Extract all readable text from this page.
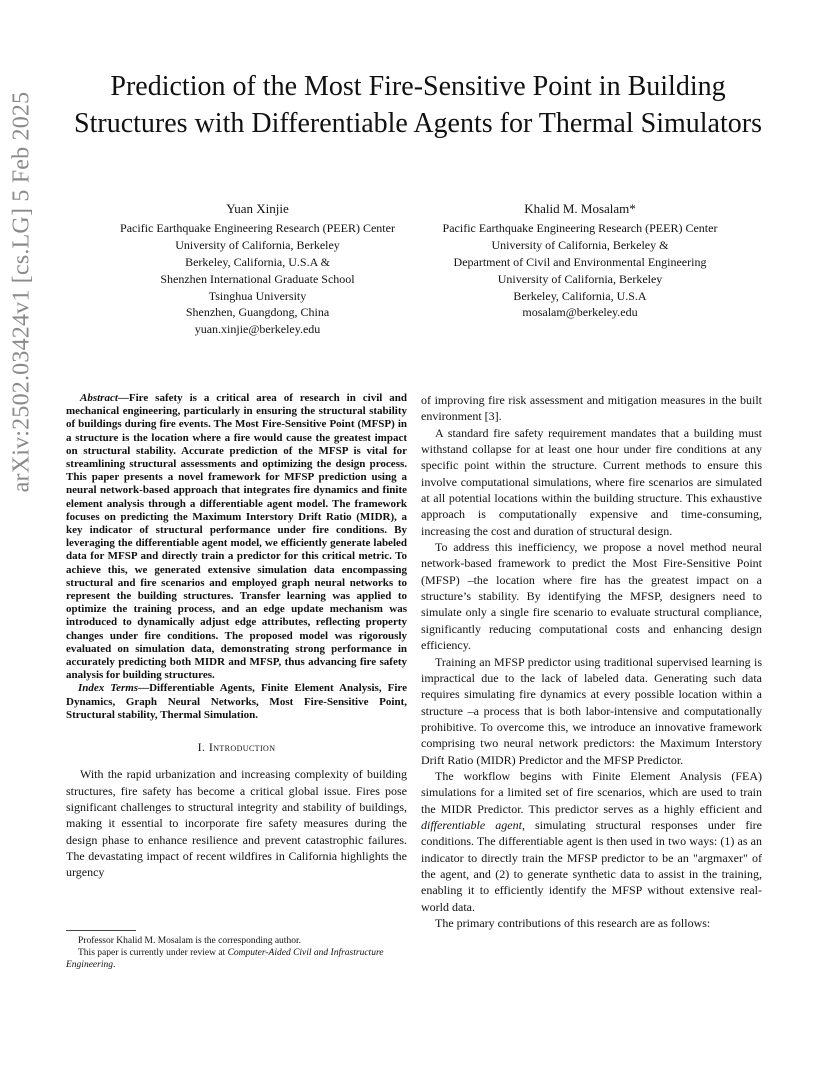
arXiv:2502.03424v1 [cs.LG] 5 Feb 2025
Prediction of the Most Fire-Sensitive Point in Building Structures with Differentiable Agents for Thermal Simulators
Yuan Xinjie
Pacific Earthquake Engineering Research (PEER) Center
University of California, Berkeley
Berkeley, California, U.S.A &
Shenzhen International Graduate School
Tsinghua University
Shenzhen, Guangdong, China
yuan.xinjie@berkeley.edu
Khalid M. Mosalam*
Pacific Earthquake Engineering Research (PEER) Center
University of California, Berkeley &
Department of Civil and Environmental Engineering
University of California, Berkeley
Berkeley, California, U.S.A
mosalam@berkeley.edu

Abstract—Fire safety is a critical area of research in civil and mechanical engineering, particularly in ensuring the structural stability of buildings during fire events. The Most Fire-Sensitive Point (MFSP) in a structure is the location where a fire would cause the greatest impact on structural stability. Accurate prediction of the MFSP is vital for streamlining structural assessments and optimizing the design process. This paper presents a novel framework for MFSP prediction using a neural network-based approach that integrates fire dynamics and finite element analysis through a differentiable agent model. The framework focuses on predicting the Maximum Interstory Drift Ratio (MIDR), a key indicator of structural performance under fire conditions. By leveraging the differentiable agent model, we efficiently generate labeled data for MFSP and directly train a predictor for this critical metric. To achieve this, we generated extensive simulation data encompassing structural and fire scenarios and employed graph neural networks to represent the building structures. Transfer learning was applied to optimize the training process, and an edge update mechanism was introduced to dynamically adjust edge attributes, reflecting property changes under fire conditions. The proposed model was rigorously evaluated on simulation data, demonstrating strong performance in accurately predicting both MIDR and MFSP, thus advancing fire safety analysis for building structures.

Index Terms—Differentiable Agents, Finite Element Analysis, Fire Dynamics, Graph Neural Networks, Most Fire-Sensitive Point, Structural stability, Thermal Simulation.

I. Introduction

With the rapid urbanization and increasing complexity of building structures, fire safety has become a critical global issue. Fires pose significant challenges to structural integrity and stability of buildings, making it essential to incorporate fire safety measures during the design phase to enhance resilience and prevent catastrophic failures. The devastating impact of recent wildfires in California highlights the urgency

of improving fire risk assessment and mitigation measures in the built environment [3].

A standard fire safety requirement mandates that a building must withstand collapse for at least one hour under fire conditions at any specific point within the structure. Current methods to ensure this involve computational simulations, where fire scenarios are simulated at all potential locations within the building structure. This exhaustive approach is computationally expensive and time-consuming, increasing the cost and duration of structural design.

To address this inefficiency, we propose a novel method neural network-based framework to predict the Most Fire-Sensitive Point (MFSP) –the location where fire has the greatest impact on a structure’s stability. By identifying the MFSP, designers need to simulate only a single fire scenario to evaluate structural compliance, significantly reducing computational costs and enhancing design efficiency.

Training an MFSP predictor using traditional supervised learning is impractical due to the lack of labeled data. Generating such data requires simulating fire dynamics at every possible location within a structure –a process that is both labor-intensive and computationally prohibitive. To overcome this, we introduce an innovative framework comprising two neural network predictors: the Maximum Interstory Drift Ratio (MIDR) Predictor and the MFSP Predictor.

The workflow begins with Finite Element Analysis (FEA) simulations for a limited set of fire scenarios, which are used to train the MIDR Predictor. This predictor serves as a highly efficient and differentiable agent, simulating structural responses under fire conditions. The differentiable agent is then used in two ways: (1) as an indicator to directly train the MFSP predictor to be an "argmaxer" of the agent, and (2) to generate synthetic data to assist in the training, enabling it to efficiently identify the MFSP without extensive real-world data.

The primary contributions of this research are as follows:

Professor Khalid M. Mosalam is the corresponding author.

This paper is currently under review at Computer-Aided Civil and Infrastructure Engineering.
